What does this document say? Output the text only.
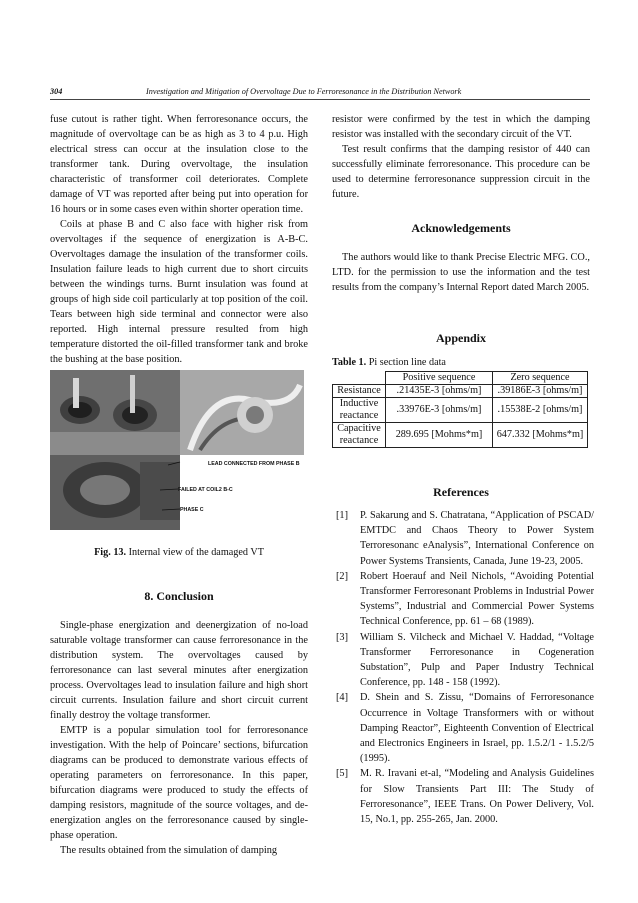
304	Investigation and Mitigation of Overvoltage Due to Ferroresonance in the Distribution Network

fuse cutout is rather tight. When ferroresonance occurs, the magnitude of overvoltage can be as high as 3 to 4 p.u. High electrical stress can occur at the insulation close to the transformer tank. During overvoltage, the insulation characteristic of transformer coil deteriorates. Complete damage of VT was reported after being put into operation for 16 hours or in some cases even within shorter operation time.

Coils at phase B and C also face with higher risk from overvoltages if the sequence of energization is A-B-C. Overvoltages damage the insulation of the transformer coils. Insulation failure leads to high current due to short circuits between the windings turns. Burnt insulation was found at groups of high side coil particularly at top position of the coil. Tears between high side terminal and connector were also reported. High internal pressure resulted from high temperature distorted the oil-filled transformer tank and broke the bushing at the base position.

LEAD CONNECTED FROM PHASE B
FAILED AT COIL2 B-C
PHASE C
Fig. 13. Internal view of the damaged VT

8. Conclusion

Single-phase energization and deenergization of no-load saturable voltage transformer can cause ferroresonance in the distribution system. The overvoltages caused by ferroresonance can last several minutes after energization process. Overvoltages lead to insulation failure and high short circuit currents. Insulation failure and short circuit current finally destroy the voltage transformer.

EMTP is a popular simulation tool for ferroresonance investigation. With the help of Poincare’ sections, bifurcation diagrams can be produced to demonstrate various effects of operating parameters on ferroresonance. In this paper, bifurcation diagrams were produced to study the effects of damping resistors, magnitude of the source voltages, and de-energization angles on the ferroresonance caused by single-phase operation.

The results obtained from the simulation of damping

resistor were confirmed by the test in which the damping resistor was installed with the secondary circuit of the VT.

Test result confirms that the damping resistor of 440 can successfully eliminate ferroresonance. This procedure can be used to determine ferroresonance suppression circuit in the future.

Acknowledgements

The authors would like to thank Precise Electric MFG. CO., LTD. for the permission to use the information and the test results from the company’s Internal Report dated March 2005.

Appendix

Table 1. Pi section line data
	Positive sequence	Zero sequence
Resistance	.21435E-3 [ohms/m]	.39186E-3 [ohms/m]
Inductive reactance	.33976E-3 [ohms/m]	.15538E-2 [ohms/m]
Capacitive reactance	289.695 [Mohms*m]	647.332 [Mohms*m]

References

[1]	P. Sakarung and S. Chatratana, “Application of PSCAD/ EMTDC and Chaos Theory to Power System Terroresonanc eAnalysis”, International Conference on Power Systems Transients, Canada, June 19-23, 2005.
[2]	Robert Hoerauf and Neil Nichols, “Avoiding Potential Transformer Ferroresonant Problems in Industrial Power Systems”, Industrial and Commercial Power Systems Technical Conference, pp. 61 – 68 (1989).
[3]	William S. Vilcheck and Michael V. Haddad, “Voltage Transformer Ferroresonance in Cogeneration Substation”, Pulp and Paper Industry Technical Conference, pp. 148 - 158 (1992).
[4]	D. Shein and S. Zissu, “Domains of Ferroresonance Occurrence in Voltage Transformers with or without Damping Reactor”, Eighteenth Convention of Electrical and Electronics Engineers in Israel, pp. 1.5.2/1 - 1.5.2/5 (1995).
[5]	M. R. Iravani et-al, “Modeling and Analysis Guidelines for Slow Transients Part III: The Study of Ferroresonance”, IEEE Trans. On Power Delivery, Vol. 15, No.1, pp. 255-265, Jan. 2000.
